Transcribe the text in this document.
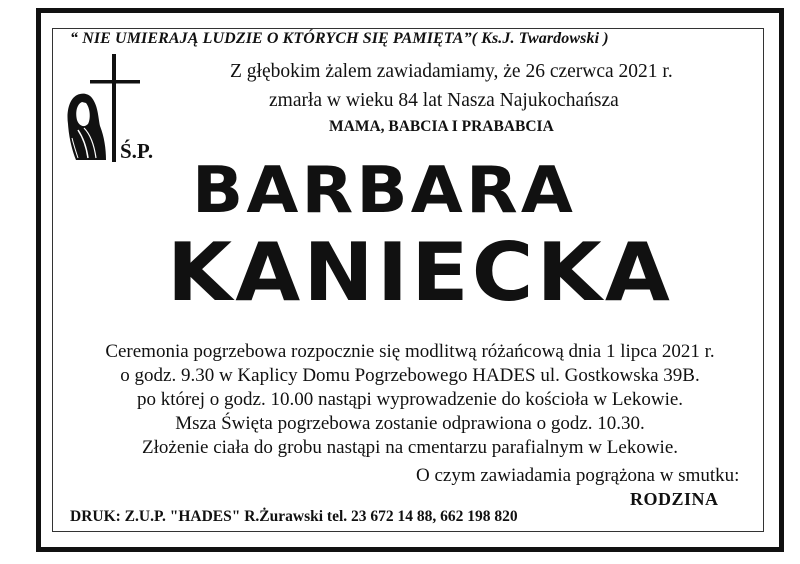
“ NIE UMIERAJĄ LUDZIE O KTÓRYCH SIĘ PAMIĘTA”( Ks.J. Twardowski )
Z głębokim żalem zawiadamiamy, że 26 czerwca 2021 r.
zmarła w wieku 84 lat Nasza Najukochańsza
MAMA, BABCIA I PRABABCIA
Ś.P.
BARBARA
KANIECKA
Ceremonia pogrzebowa rozpocznie się modlitwą różańcową dnia 1 lipca 2021 r.
o godz. 9.30 w Kaplicy Domu Pogrzebowego HADES ul. Gostkowska 39B.
po której o godz. 10.00 nastąpi wyprowadzenie do kościoła w Lekowie.
Msza Święta pogrzebowa zostanie odprawiona o godz. 10.30.
Złożenie ciała do grobu nastąpi na cmentarzu parafialnym w Lekowie.
O czym zawiadamia pogrążona w smutku:
RODZINA
DRUK: Z.U.P. "HADES" R.Żurawski tel. 23 672 14 88, 662 198 820
